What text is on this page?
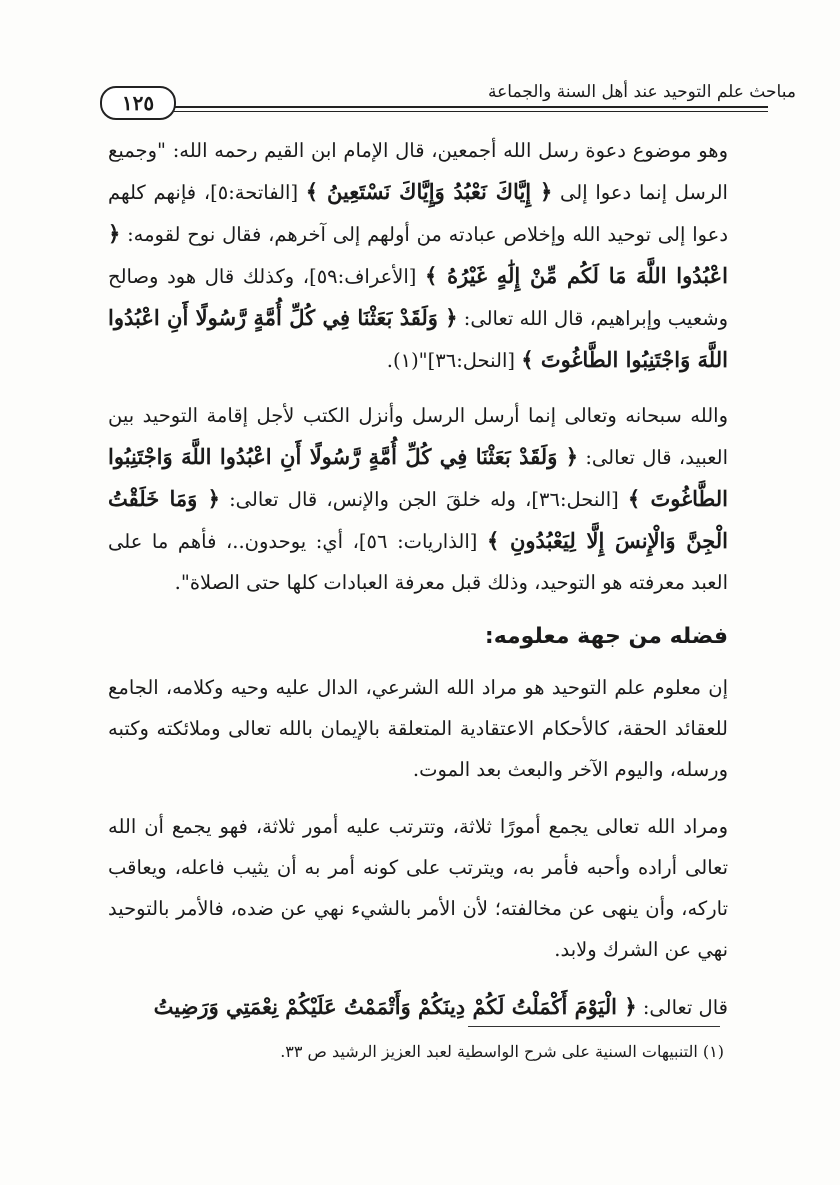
١٢٥	مباحث علم التوحيد عند أهل السنة والجماعة

وهو موضوع دعوة رسل الله أجمعين، قال الإمام ابن القيم رحمه الله: "وجميع الرسل إنما دعوا إلى ﴿ إِيَّاكَ نَعْبُدُ وَإِيَّاكَ نَسْتَعِينُ ﴾ [الفاتحة:٥]، فإنهم كلهم دعوا إلى توحيد الله وإخلاص عبادته من أولهم إلى آخرهم، فقال نوح لقومه: ﴿ اعْبُدُوا اللَّهَ مَا لَكُم مِّنْ إِلَٰهٍ غَيْرُهُ ﴾ [الأعراف:٥٩]، وكذلك قال هود وصالح وشعيب وإبراهيم، قال الله تعالى: ﴿ وَلَقَدْ بَعَثْنَا فِي كُلِّ أُمَّةٍ رَّسُولًا أَنِ اعْبُدُوا اللَّهَ وَاجْتَنِبُوا الطَّاغُوتَ ﴾ [النحل:٣٦]"(١).

والله سبحانه وتعالى إنما أرسل الرسل وأنزل الكتب لأجل إقامة التوحيد بين العبيد، قال تعالى: ﴿ وَلَقَدْ بَعَثْنَا فِي كُلِّ أُمَّةٍ رَّسُولًا أَنِ اعْبُدُوا اللَّهَ وَاجْتَنِبُوا الطَّاغُوتَ ﴾ [النحل:٣٦]، وله خلقَ الجن والإنس، قال تعالى: ﴿ وَمَا خَلَقْتُ الْجِنَّ وَالْإِنسَ إِلَّا لِيَعْبُدُونِ ﴾ [الذاريات: ٥٦]، أي: يوحدون..، فأهم ما على العبد معرفته هو التوحيد، وذلك قبل معرفة العبادات كلها حتى الصلاة".

فضله من جهة معلومه:

إن معلوم علم التوحيد هو مراد الله الشرعي، الدال عليه وحيه وكلامه، الجامع للعقائد الحقة، كالأحكام الاعتقادية المتعلقة بالإيمان بالله تعالى وملائكته وكتبه ورسله، واليوم الآخر والبعث بعد الموت.

ومراد الله تعالى يجمع أمورًا ثلاثة، وتترتب عليه أمور ثلاثة، فهو يجمع أن الله تعالى أراده وأحبه فأمر به، ويترتب على كونه أمر به أن يثيب فاعله، ويعاقب تاركه، وأن ينهى عن مخالفته؛ لأن الأمر بالشيء نهي عن ضده، فالأمر بالتوحيد نهي عن الشرك ولابد.

قال تعالى: ﴿ الْيَوْمَ أَكْمَلْتُ لَكُمْ دِينَكُمْ وَأَتْمَمْتُ عَلَيْكُمْ نِعْمَتِي وَرَضِيتُ

(١) التنبيهات السنية على شرح الواسطية لعبد العزيز الرشيد ص ٣٣.
